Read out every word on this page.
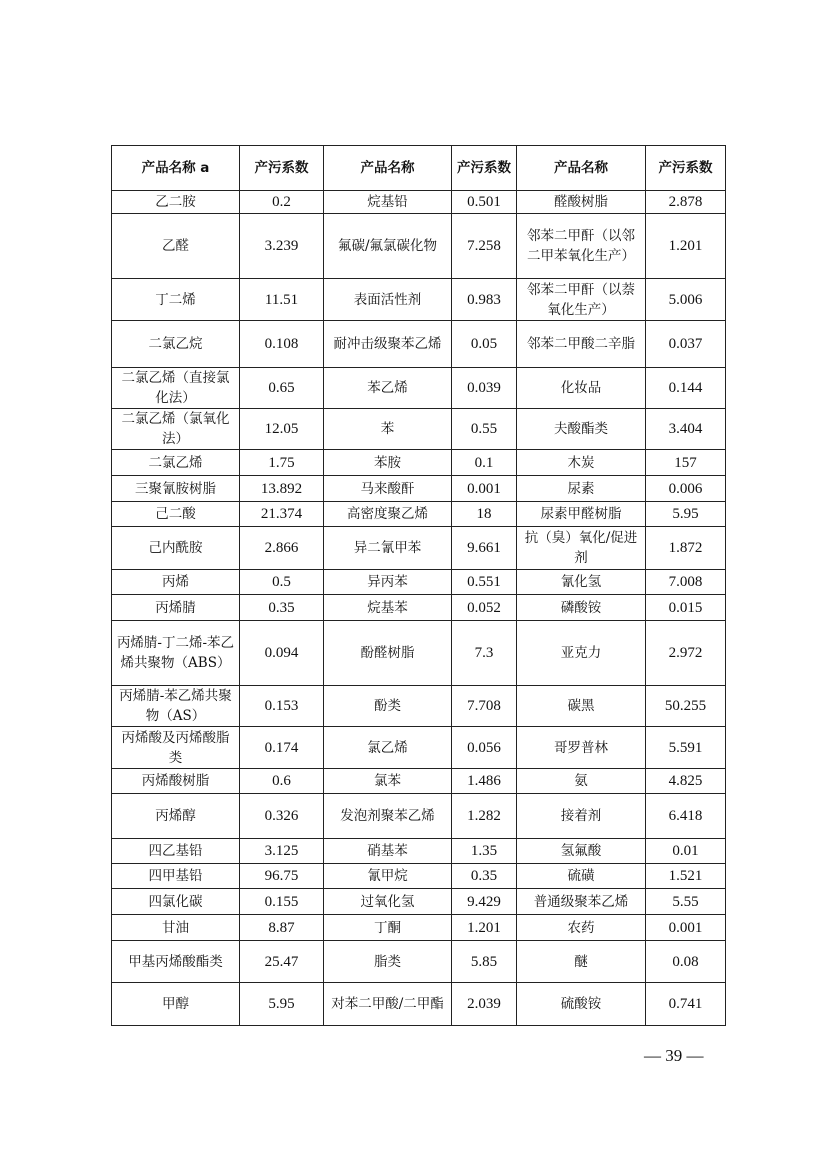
产品名称 a	产污系数	产品名称	产污系数	产品名称	产污系数
乙二胺	0.2	烷基铅	0.501	醛酸树脂	2.878
乙醛	3.239	氟碳/氟氯碳化物	7.258	邻苯二甲酐（以邻二甲苯氧化生产）	1.201
丁二烯	11.51	表面活性剂	0.983	邻苯二甲酐（以萘氧化生产）	5.006
二氯乙烷	0.108	耐冲击级聚苯乙烯	0.05	邻苯二甲酸二辛脂	0.037
二氯乙烯（直接氯化法）	0.65	苯乙烯	0.039	化妆品	0.144
二氯乙烯（氯氧化法）	12.05	苯	0.55	夫酸酯类	3.404
二氯乙烯	1.75	苯胺	0.1	木炭	157
三聚氰胺树脂	13.892	马来酸酐	0.001	尿素	0.006
己二酸	21.374	高密度聚乙烯	18	尿素甲醛树脂	5.95
己内酰胺	2.866	异二氰甲苯	9.661	抗（臭）氧化/促进剂	1.872
丙烯	0.5	异丙苯	0.551	氰化氢	7.008
丙烯腈	0.35	烷基苯	0.052	磷酸铵	0.015
丙烯腈-丁二烯-苯乙烯共聚物（ABS）	0.094	酚醛树脂	7.3	亚克力	2.972
丙烯腈-苯乙烯共聚物（AS）	0.153	酚类	7.708	碳黑	50.255
丙烯酸及丙烯酸脂类	0.174	氯乙烯	0.056	哥罗普林	5.591
丙烯酸树脂	0.6	氯苯	1.486	氨	4.825
丙烯醇	0.326	发泡剂聚苯乙烯	1.282	接着剂	6.418
四乙基铅	3.125	硝基苯	1.35	氢氟酸	0.01
四甲基铅	96.75	氰甲烷	0.35	硫磺	1.521
四氯化碳	0.155	过氧化氢	9.429	普通级聚苯乙烯	5.55
甘油	8.87	丁酮	1.201	农药	0.001
甲基丙烯酸酯类	25.47	脂类	5.85	醚	0.08
甲醇	5.95	对苯二甲酸/二甲酯	2.039	硫酸铵	0.741
— 39 —
